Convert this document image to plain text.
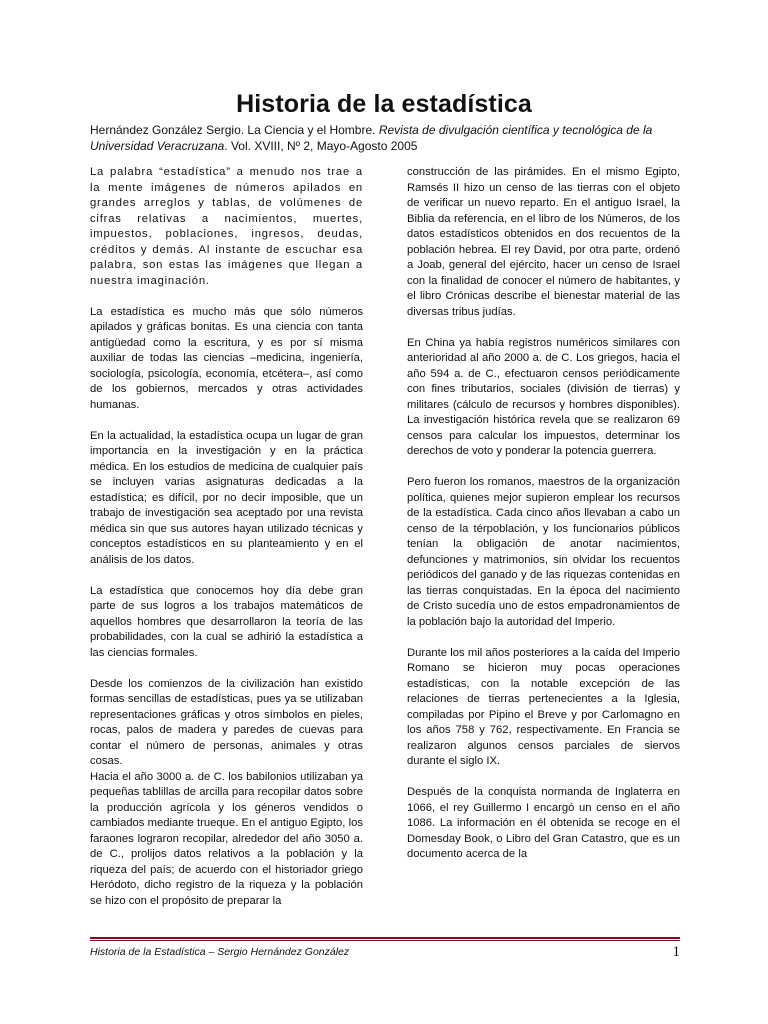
Historia de la estadística

Hernández González Sergio. La Ciencia y el Hombre. Revista de divulgación científica y tecnológica de la Universidad Veracruzana. Vol. XVIII, Nº 2, Mayo-Agosto 2005

La palabra “estadística” a menudo nos trae a la mente imágenes de números apilados en grandes arreglos y tablas, de volúmenes de cifras relativas a nacimientos, muertes, impuestos, poblaciones, ingresos, deudas, créditos y demás. Al instante de escuchar esa palabra, son estas las imágenes que llegan a nuestra imaginación.

La estadística es mucho más que sólo números apilados y gráficas bonitas. Es una ciencia con tanta antigüedad como la escritura, y es por sí misma auxiliar de todas las ciencias –medicina, ingeniería, sociología, psicología, economía, etcétera–, así como de los gobiernos, mercados y otras actividades humanas.

En la actualidad, la estadística ocupa un lugar de gran importancia en la investigación y en la práctica médica. En los estudios de medicina de cualquier país se incluyen varias asignaturas dedicadas a la estadística; es difícil, por no decir imposible, que un trabajo de investigación sea aceptado por una revista médica sin que sus autores hayan utilizado técnicas y conceptos estadísticos en su planteamiento y en el análisis de los datos.

La estadística que conocemos hoy día debe gran parte de sus logros a los trabajos matemáticos de aquellos hombres que desarrollaron la teoría de las probabilidades, con la cual se adhirió la estadística a las ciencias formales.

Desde los comienzos de la civilización han existido formas sencillas de estadísticas, pues ya se utilizaban representaciones gráficas y otros símbolos en pieles, rocas, palos de madera y paredes de cuevas para contar el número de personas, animales y otras cosas.

Hacia el año 3000 a. de C. los babilonios utilizaban ya pequeñas tablillas de arcilla para recopilar datos sobre la producción agrícola y los géneros vendidos o cambiados mediante trueque. En el antiguo Egipto, los faraones lograron recopilar, alrededor del año 3050 a. de C., prolijos datos relativos a la población y la riqueza del país; de acuerdo con el historiador griego Heródoto, dicho registro de la riqueza y la población se hizo con el propósito de preparar la

construcción de las pirámides. En el mismo Egipto, Ramsés II hizo un censo de las tierras con el objeto de verificar un nuevo reparto. En el antiguo Israel, la Biblia da referencia, en el libro de los Números, de los datos estadísticos obtenidos en dos recuentos de la población hebrea. El rey David, por otra parte, ordenó a Joab, general del ejército, hacer un censo de Israel con la finalidad de conocer el número de habitantes, y el libro Crónicas describe el bienestar material de las diversas tribus judías.

En China ya había registros numéricos similares con anterioridad al año 2000 a. de C. Los griegos, hacia el año 594 a. de C., efectuaron censos periódicamente con fines tributarios, sociales (división de tierras) y militares (cálculo de recursos y hombres disponibles). La investigación histórica revela que se realizaron 69 censos para calcular los impuestos, determinar los derechos de voto y ponderar la potencia guerrera.

Pero fueron los romanos, maestros de la organización política, quienes mejor supieron emplear los recursos de la estadística. Cada cinco años llevaban a cabo un censo de la térpoblación, y los funcionarios públicos tenían la obligación de anotar nacimientos, defunciones y matrimonios, sin olvidar los recuentos periódicos del ganado y de las riquezas contenidas en las tierras conquistadas. En la época del nacimiento de Cristo sucedía uno de estos empadronamientos de la población bajo la autoridad del Imperio.

Durante los mil años posteriores a la caída del Imperio Romano se hicieron muy pocas operaciones estadísticas, con la notable excepción de las relaciones de tierras pertenecientes a la Iglesia, compiladas por Pipino el Breve y por Carlomagno en los años 758 y 762, respectivamente. En Francia se realizaron algunos censos parciales de siervos durante el siglo IX.

Después de la conquista normanda de Inglaterra en 1066, el rey Guillermo I encargó un censo en el año 1086. La información en él obtenida se recoge en el Domesday Book, o Libro del Gran Catastro, que es un documento acerca de la

Historia de la Estadística – Sergio Hernández González	1
